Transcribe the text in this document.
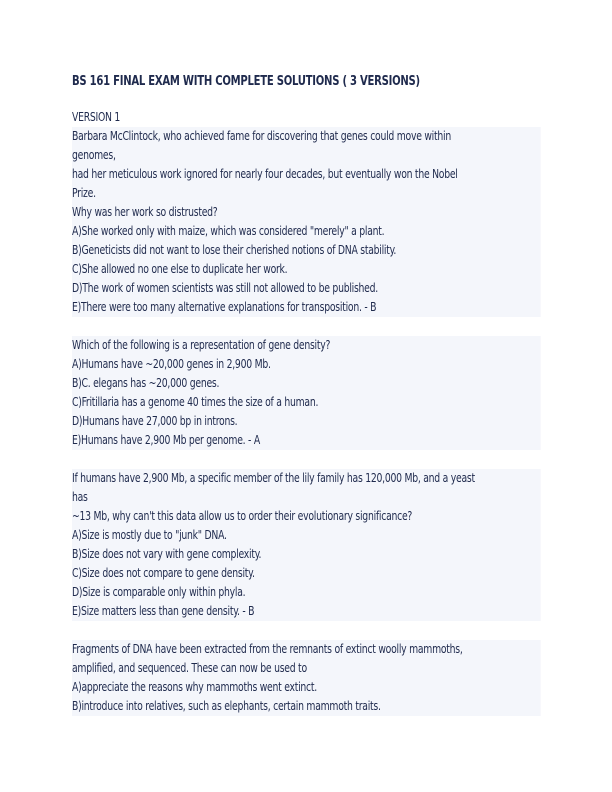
BS 161 FINAL EXAM WITH COMPLETE SOLUTIONS ( 3 VERSIONS)
VERSION 1
Barbara McClintock, who achieved fame for discovering that genes could move within
genomes,
had her meticulous work ignored for nearly four decades, but eventually won the Nobel
Prize.
Why was her work so distrusted?
A)She worked only with maize, which was considered "merely" a plant.
B)Geneticists did not want to lose their cherished notions of DNA stability.
C)She allowed no one else to duplicate her work.
D)The work of women scientists was still not allowed to be published.
E)There were too many alternative explanations for transposition. - B
Which of the following is a representation of gene density?
A)Humans have ~20,000 genes in 2,900 Mb.
B)C. elegans has ~20,000 genes.
C)Fritillaria has a genome 40 times the size of a human.
D)Humans have 27,000 bp in introns.
E)Humans have 2,900 Mb per genome. - A
If humans have 2,900 Mb, a specific member of the lily family has 120,000 Mb, and a yeast
has
~13 Mb, why can't this data allow us to order their evolutionary significance?
A)Size is mostly due to "junk" DNA.
B)Size does not vary with gene complexity.
C)Size does not compare to gene density.
D)Size is comparable only within phyla.
E)Size matters less than gene density. - B
Fragments of DNA have been extracted from the remnants of extinct woolly mammoths,
amplified, and sequenced. These can now be used to
A)appreciate the reasons why mammoths went extinct.
B)introduce into relatives, such as elephants, certain mammoth traits.
